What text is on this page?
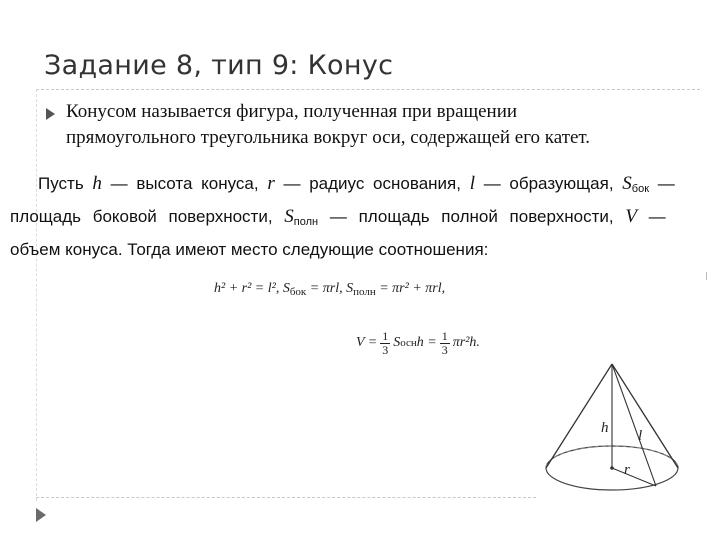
Задание 8, тип 9: Конус
Конусом называется фигура, полученная при вращении
прямоугольного треугольника вокруг оси, содержащей его катет.
Пусть h — высота конуса, r — радиус основания, l — образующая, $S_{бок}$ —
площадь боковой поверхности, $S_{полн}$ — площадь полной поверхности, V —
объем конуса. Тогда имеют место следующие соотношения:
h² + r² = l², $S_{бок} = \pi rl$, $S_{полн} = \pi r^2 + \pi rl$,
$V = \frac{1}{3}$ S осн $h = \frac{1}{3} \pi r^2h$.
h l
r
